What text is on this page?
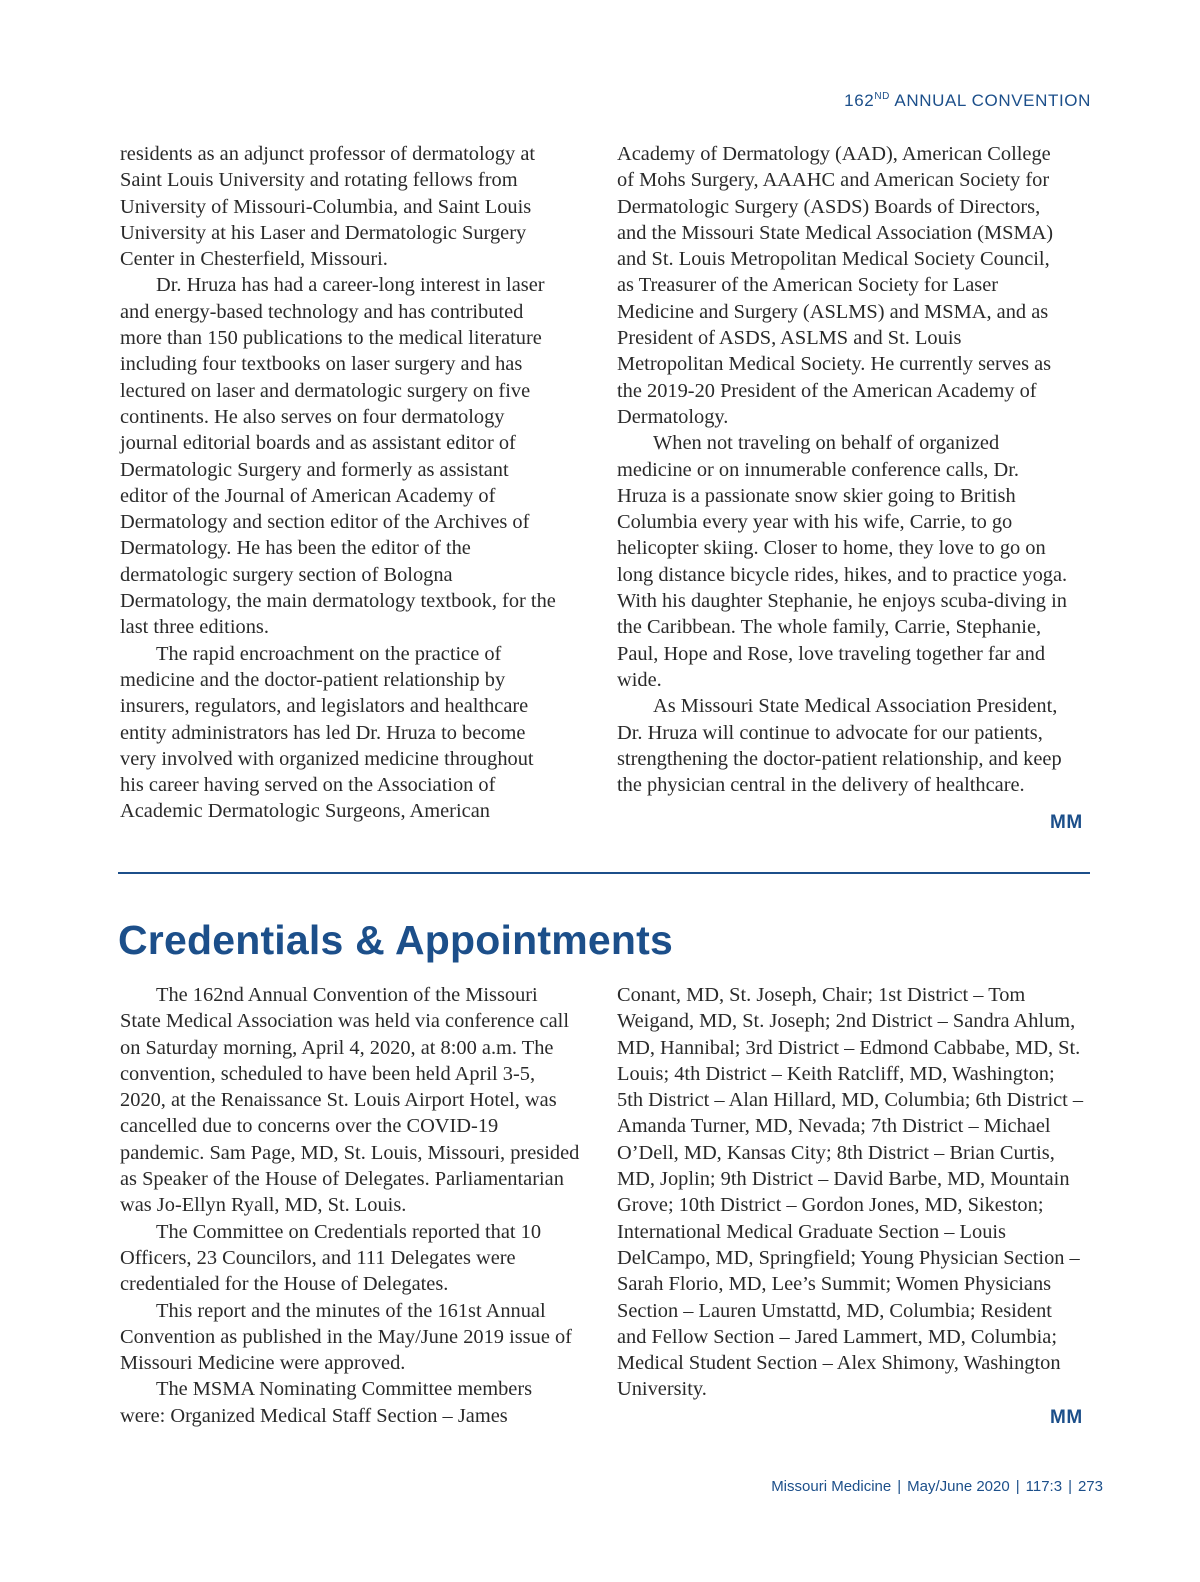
162ND ANNUAL CONVENTION

residents as an adjunct professor of dermatology at Saint Louis University and rotating fellows from University of Missouri-Columbia, and Saint Louis University at his Laser and Dermatologic Surgery Center in Chesterfield, Missouri.

Dr. Hruza has had a career-long interest in laser and energy-based technology and has contributed more than 150 publications to the medical literature including four textbooks on laser surgery and has lectured on laser and dermatologic surgery on five continents. He also serves on four dermatology journal editorial boards and as assistant editor of Dermatologic Surgery and formerly as assistant editor of the Journal of American Academy of Dermatology and section editor of the Archives of Dermatology. He has been the editor of the dermatologic surgery section of Bologna Dermatology, the main dermatology textbook, for the last three editions.

The rapid encroachment on the practice of medicine and the doctor-patient relationship by insurers, regulators, and legislators and healthcare entity administrators has led Dr. Hruza to become very involved with organized medicine throughout his career having served on the Association of Academic Dermatologic Surgeons, American

Academy of Dermatology (AAD), American College of Mohs Surgery, AAAHC and American Society for Dermatologic Surgery (ASDS) Boards of Directors, and the Missouri State Medical Association (MSMA) and St. Louis Metropolitan Medical Society Council, as Treasurer of the American Society for Laser Medicine and Surgery (ASLMS) and MSMA, and as President of ASDS, ASLMS and St. Louis Metropolitan Medical Society. He currently serves as the 2019-20 President of the American Academy of Dermatology.

When not traveling on behalf of organized medicine or on innumerable conference calls, Dr. Hruza is a passionate snow skier going to British Columbia every year with his wife, Carrie, to go helicopter skiing. Closer to home, they love to go on long distance bicycle rides, hikes, and to practice yoga. With his daughter Stephanie, he enjoys scuba-diving in the Caribbean. The whole family, Carrie, Stephanie, Paul, Hope and Rose, love traveling together far and wide.

As Missouri State Medical Association President, Dr. Hruza will continue to advocate for our patients, strengthening the doctor-patient relationship, and keep the physician central in the delivery of healthcare.

MM
Credentials & Appointments

The 162nd Annual Convention of the Missouri State Medical Association was held via conference call on Saturday morning, April 4, 2020, at 8:00 a.m. The convention, scheduled to have been held April 3-5, 2020, at the Renaissance St. Louis Airport Hotel, was cancelled due to concerns over the COVID-19 pandemic. Sam Page, MD, St. Louis, Missouri, presided as Speaker of the House of Delegates. Parliamentarian was Jo-Ellyn Ryall, MD, St. Louis.

The Committee on Credentials reported that 10 Officers, 23 Councilors, and 111 Delegates were credentialed for the House of Delegates.

This report and the minutes of the 161st Annual Convention as published in the May/June 2019 issue of Missouri Medicine were approved.

The MSMA Nominating Committee members were: Organized Medical Staff Section – James

Conant, MD, St. Joseph, Chair; 1st District – Tom Weigand, MD, St. Joseph; 2nd District – Sandra Ahlum, MD, Hannibal; 3rd District – Edmond Cabbabe, MD, St. Louis; 4th District – Keith Ratcliff, MD, Washington; 5th District – Alan Hillard, MD, Columbia; 6th District – Amanda Turner, MD, Nevada; 7th District – Michael O’Dell, MD, Kansas City; 8th District – Brian Curtis, MD, Joplin; 9th District – David Barbe, MD, Mountain Grove; 10th District – Gordon Jones, MD, Sikeston; International Medical Graduate Section – Louis DelCampo, MD, Springfield; Young Physician Section – Sarah Florio, MD, Lee’s Summit; Women Physicians Section – Lauren Umstattd, MD, Columbia; Resident and Fellow Section – Jared Lammert, MD, Columbia; Medical Student Section – Alex Shimony, Washington University.

MM
Missouri Medicine | May/June 2020 | 117:3 | 273
